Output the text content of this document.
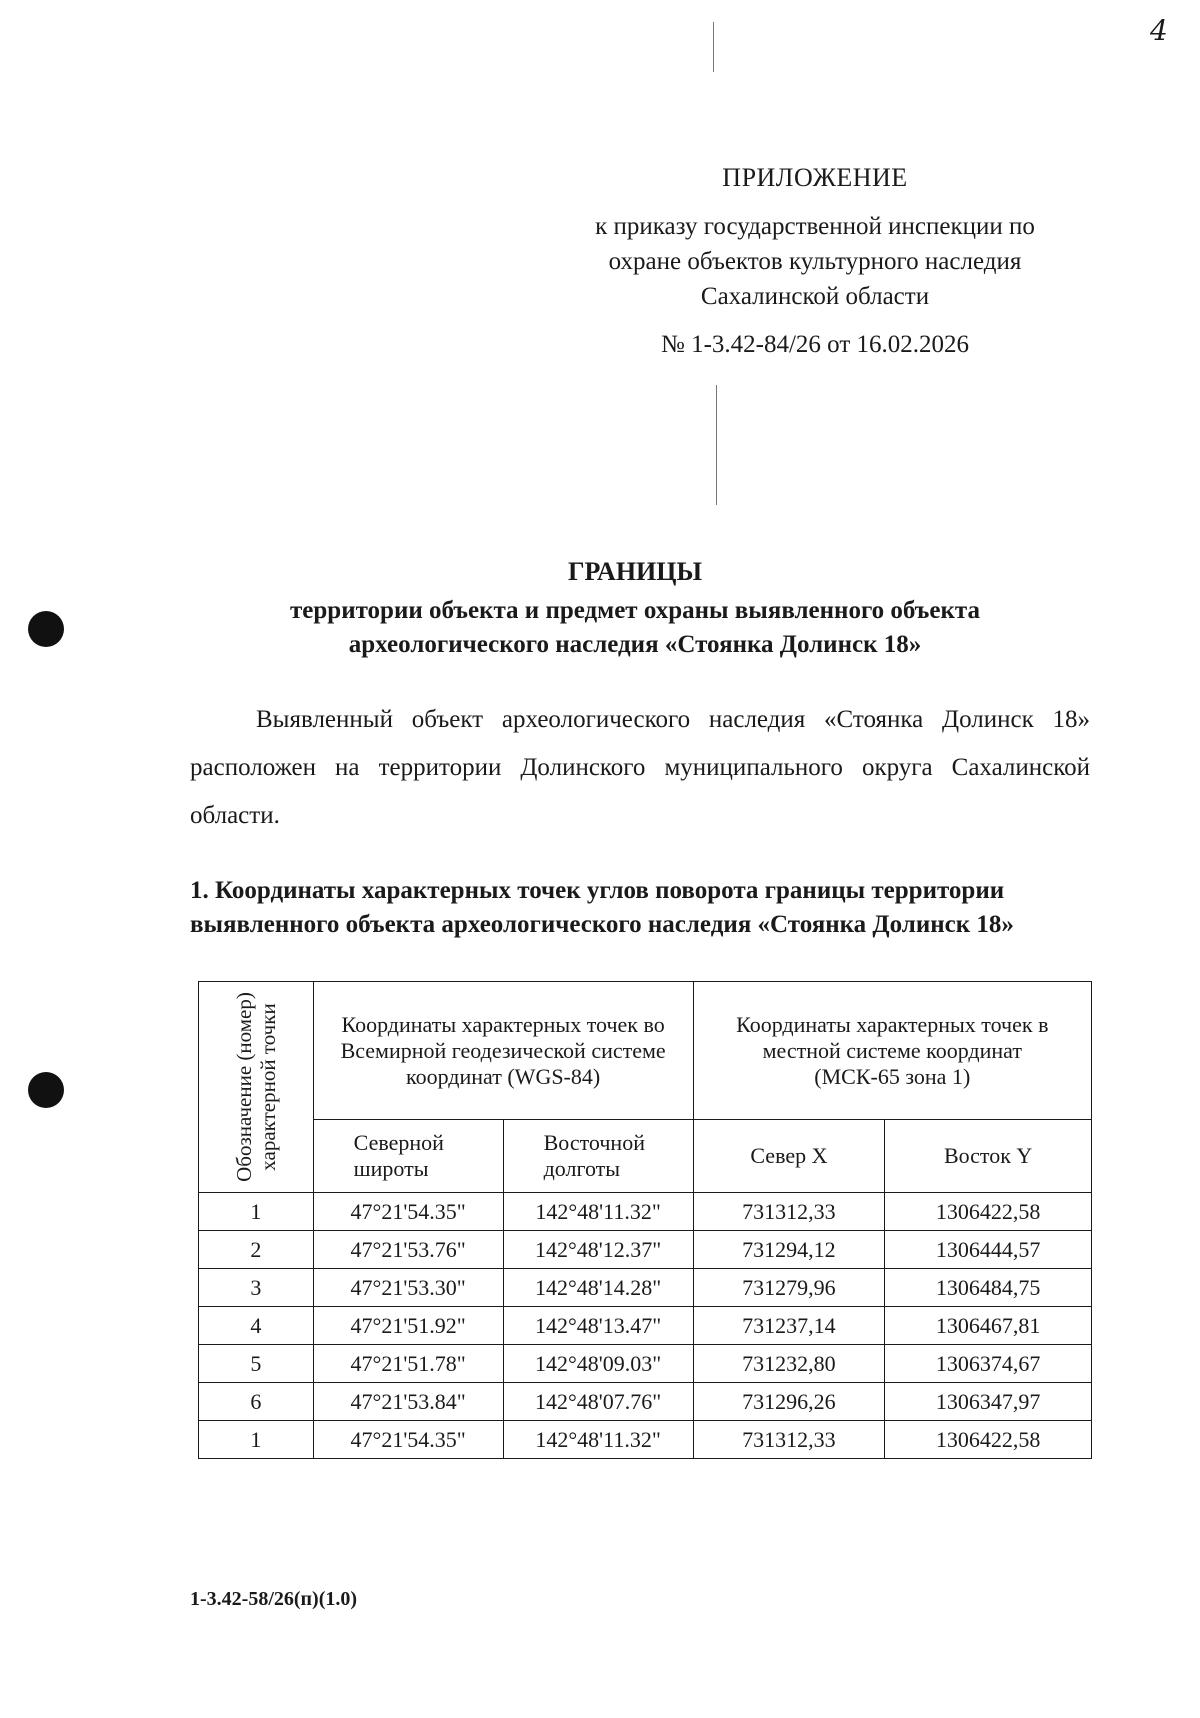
4
ПРИЛОЖЕНИЕ
к приказу государственной инспекции по
охране объектов культурного наследия
Сахалинской области
№ 1-3.42-84/26 от 16.02.2026
ГРАНИЦЫ
территории объекта и предмет охраны выявленного объекта
археологического наследия «Стоянка Долинск 18»

Выявленный объект археологического наследия «Стоянка Долинск 18» расположен на территории Долинского муниципального округа Сахалинской области.

1. Координаты характерных точек углов поворота границы территории выявленного объекта археологического наследия «Стоянка Долинск 18»
Обозначение (номер) характерной точки	Координаты характерных точек во Всемирной геодезической системе координат (WGS-84)		Координаты характерных точек в местной системе координат (МСК-65 зона 1)	
	Северной широты	Восточной долготы	Север X	Восток Y
1	47°21'54.35"	142°48'11.32"	731312,33	1306422,58
2	47°21'53.76"	142°48'12.37"	731294,12	1306444,57
3	47°21'53.30"	142°48'14.28"	731279,96	1306484,75
4	47°21'51.92"	142°48'13.47"	731237,14	1306467,81
5	47°21'51.78"	142°48'09.03"	731232,80	1306374,67
6	47°21'53.84"	142°48'07.76"	731296,26	1306347,97
1	47°21'54.35"	142°48'11.32"	731312,33	1306422,58
1-3.42-58/26(п)(1.0)
